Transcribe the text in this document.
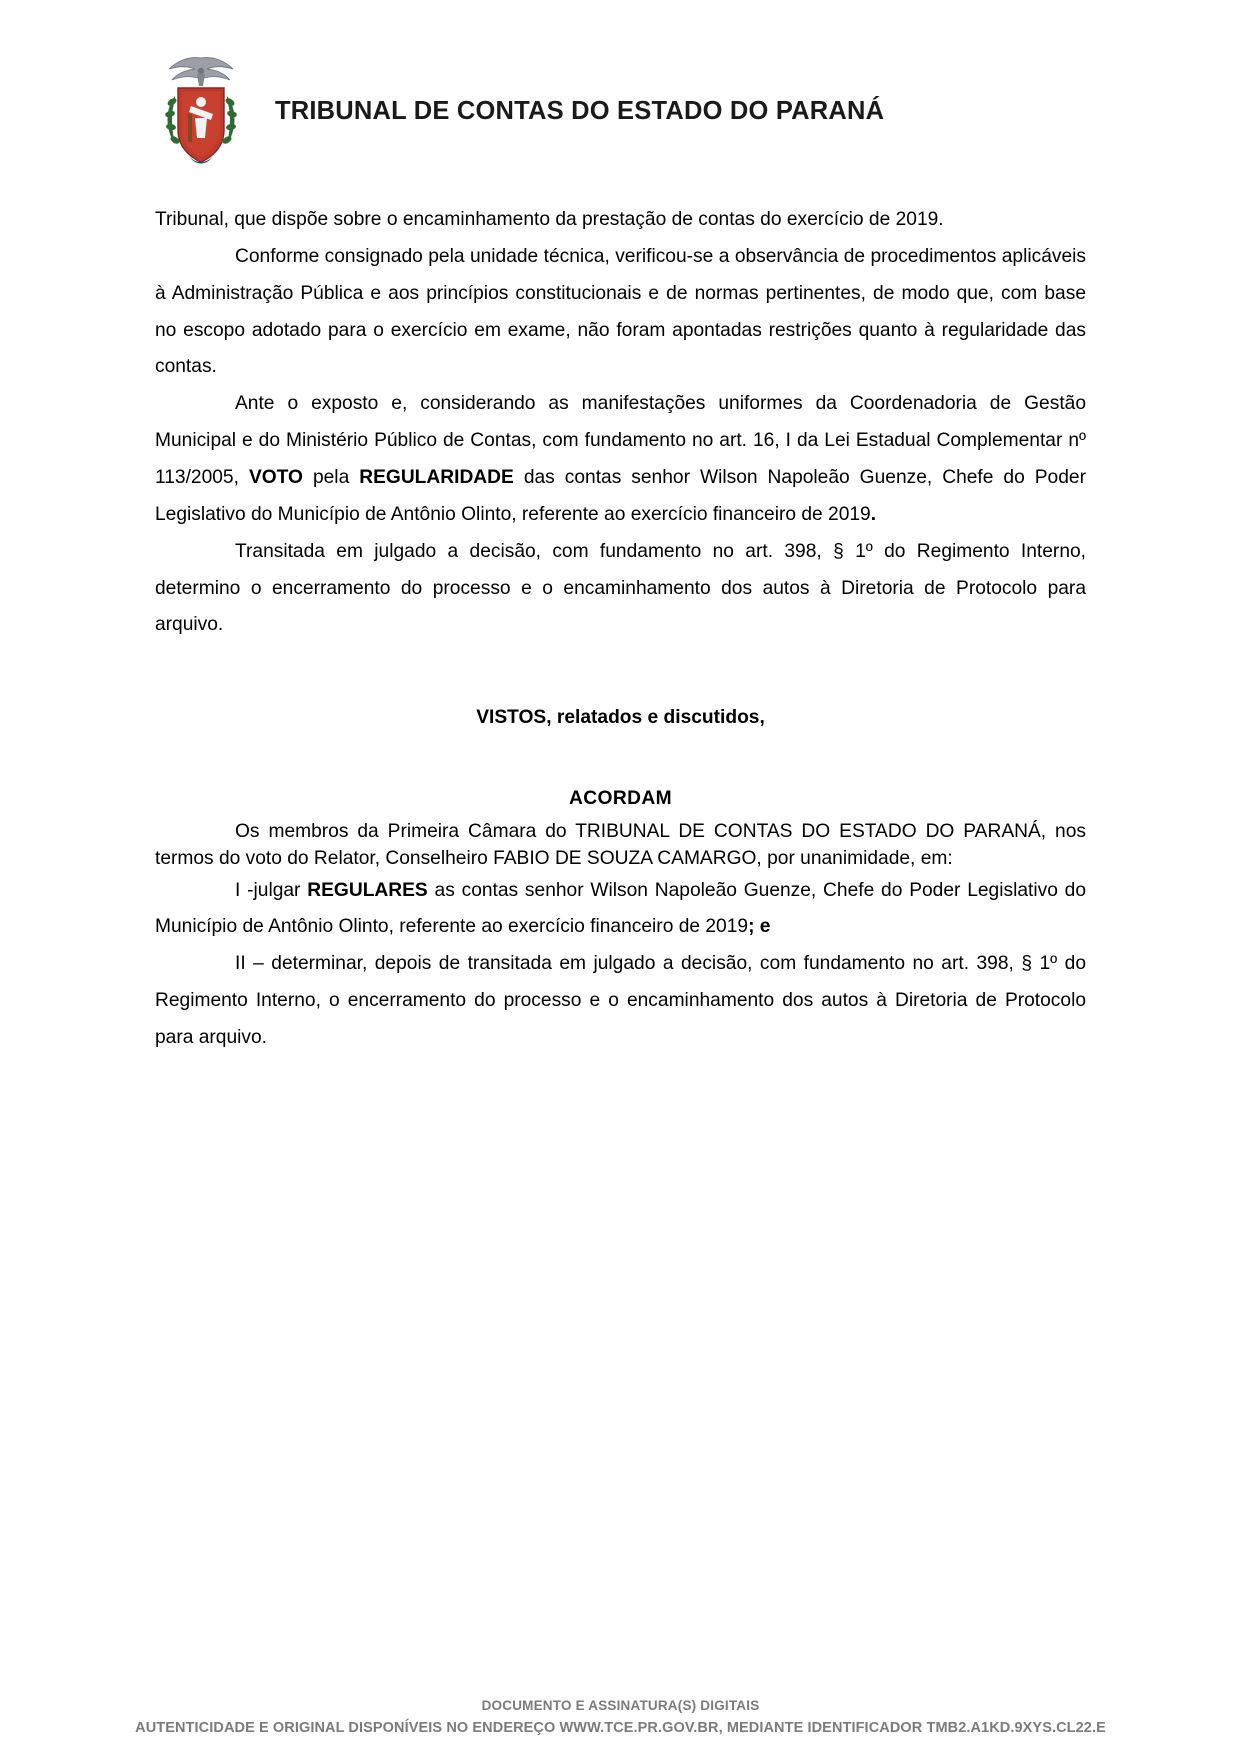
TRIBUNAL DE CONTAS DO ESTADO DO PARANÁ

Tribunal, que dispõe sobre o encaminhamento da prestação de contas do exercício de 2019.

Conforme consignado pela unidade técnica, verificou-se a observância de procedimentos aplicáveis à Administração Pública e aos princípios constitucionais e de normas pertinentes, de modo que, com base no escopo adotado para o exercício em exame, não foram apontadas restrições quanto à regularidade das contas.

Ante o exposto e, considerando as manifestações uniformes da Coordenadoria de Gestão Municipal e do Ministério Público de Contas, com fundamento no art. 16, I da Lei Estadual Complementar nº 113/2005, VOTO pela REGULARIDADE das contas senhor Wilson Napoleão Guenze, Chefe do Poder Legislativo do Município de Antônio Olinto, referente ao exercício financeiro de 2019.

Transitada em julgado a decisão, com fundamento no art. 398, § 1º do Regimento Interno, determino o encerramento do processo e o encaminhamento dos autos à Diretoria de Protocolo para arquivo.

VISTOS, relatados e discutidos,
ACORDAM

Os membros da Primeira Câmara do TRIBUNAL DE CONTAS DO ESTADO DO PARANÁ, nos termos do voto do Relator, Conselheiro FABIO DE SOUZA CAMARGO, por unanimidade, em:

I -julgar REGULARES as contas senhor Wilson Napoleão Guenze, Chefe do Poder Legislativo do Município de Antônio Olinto, referente ao exercício financeiro de 2019; e

II – determinar, depois de transitada em julgado a decisão, com fundamento no art. 398, § 1º do Regimento Interno, o encerramento do processo e o encaminhamento dos autos à Diretoria de Protocolo para arquivo.

DOCUMENTO E ASSINATURA(S) DIGITAIS
AUTENTICIDADE E ORIGINAL DISPONÍVEIS NO ENDEREÇO WWW.TCE.PR.GOV.BR, MEDIANTE IDENTIFICADOR TMB2.A1KD.9XYS.CL22.E
